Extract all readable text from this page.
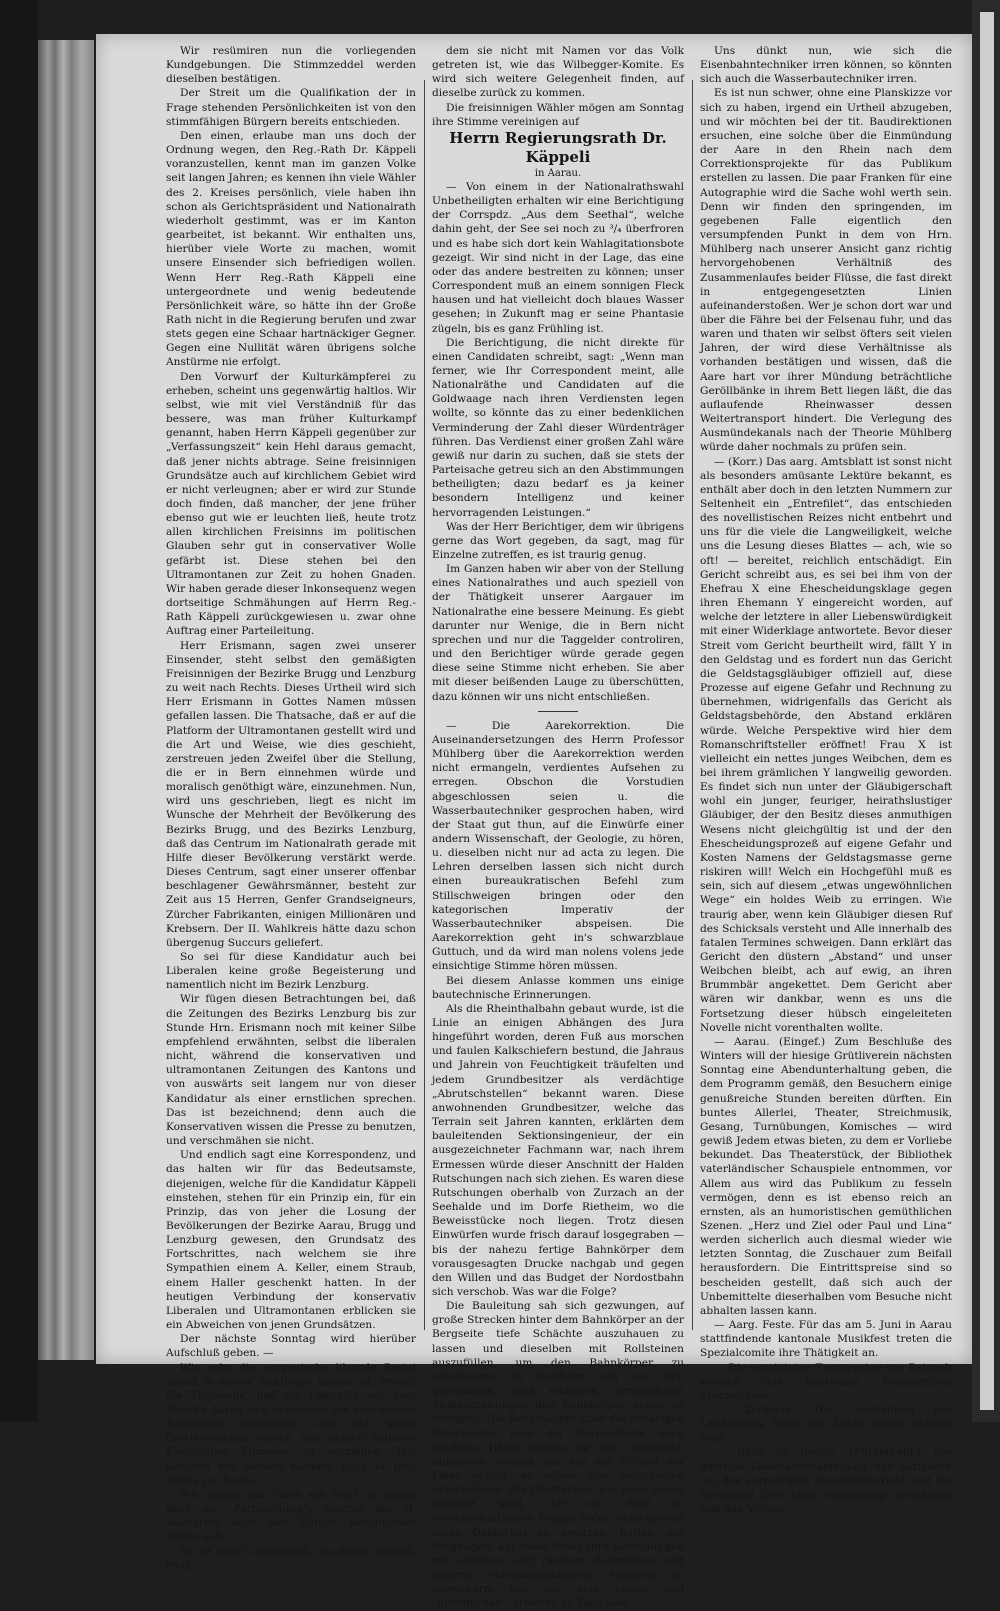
Wir resümiren nun die vorliegenden Kundgebungen. Die Stimmzeddel werden dieselben bestätigen.

Der Streit um die Qualifikation der in Frage stehenden Persönlichkeiten ist von den stimmfähigen Bürgern bereits entschieden.

Den einen, erlaube man uns doch der Ordnung wegen, den Reg.-Rath Dr. Käppeli voranzustellen, kennt man im ganzen Volke seit langen Jahren; es kennen ihn viele Wähler des 2. Kreises persönlich, viele haben ihn schon als Gerichtspräsident und Nationalrath wiederholt gestimmt, was er im Kanton gearbeitet, ist bekannt. Wir enthalten uns, hierüber viele Worte zu machen, womit unsere Einsender sich befriedigen wollen. Wenn Herr Reg.-Rath Käppeli eine untergeordnete und wenig bedeutende Persönlichkeit wäre, so hätte ihn der Große Rath nicht in die Regierung berufen und zwar stets gegen eine Schaar hartnäckiger Gegner. Gegen eine Nullität wären übrigens solche Anstürme nie erfolgt.

Den Vorwurf der Kulturkämpferei zu erheben, scheint uns gegenwärtig haltlos. Wir selbst, wie mit viel Verständniß für das bessere, was man früher Kulturkampf genannt, haben Herrn Käppeli gegenüber zur „Verfassungszeit“ kein Hehl daraus gemacht, daß jener nichts abtrage. Seine freisinnigen Grundsätze auch auf kirchlichem Gebiet wird er nicht verleugnen; aber er wird zur Stunde doch finden, daß mancher, der jene früher ebenso gut wie er leuchten ließ, heute trotz allen kirchlichen Freisinns im politischen Glauben sehr gut in conservativer Wolle gefärbt ist. Diese stehen bei den Ultramontanen zur Zeit zu hohen Gnaden. Wir haben gerade dieser Inkonsequenz wegen dortseitige Schmähungen auf Herrn Reg.-Rath Käppeli zurückgewiesen u. zwar ohne Auftrag einer Parteileitung.

Herr Erismann, sagen zwei unserer Einsender, steht selbst den gemäßigten Freisinnigen der Bezirke Brugg und Lenzburg zu weit nach Rechts. Dieses Urtheil wird sich Herr Erismann in Gottes Namen müssen gefallen lassen. Die Thatsache, daß er auf die Platform der Ultramontanen gestellt wird und die Art und Weise, wie dies geschieht, zerstreuen jeden Zweifel über die Stellung, die er in Bern einnehmen würde und moralisch genöthigt wäre, einzunehmen. Nun, wird uns geschrieben, liegt es nicht im Wunsche der Mehrheit der Bevölkerung des Bezirks Brugg, und des Bezirks Lenzburg, daß das Centrum im Nationalrath gerade mit Hilfe dieser Bevölkerung verstärkt werde. Dieses Centrum, sagt einer unserer offenbar beschlagener Gewährsmänner, besteht zur Zeit aus 15 Herren, Genfer Grandseigneurs, Zürcher Fabrikanten, einigen Millionären und Krebsern. Der II. Wahlkreis hätte dazu schon übergenug Succurs geliefert.

So sei für diese Kandidatur auch bei Liberalen keine große Begeisterung und namentlich nicht im Bezirk Lenzburg.

Wir fügen diesen Betrachtungen bei, daß die Zeitungen des Bezirks Lenzburg bis zur Stunde Hrn. Erismann noch mit keiner Silbe empfehlend erwähnten, selbst die liberalen nicht, während die konservativen und ultramontanen Zeitungen des Kantons und von auswärts seit langem nur von dieser Kandidatur als einer ernstlichen sprechen. Das ist bezeichnend; denn auch die Konservativen wissen die Presse zu benutzen, und verschmähen sie nicht.

Und endlich sagt eine Korrespondenz, und das halten wir für das Bedeutsamste, diejenigen, welche für die Kandidatur Käppeli einstehen, stehen für ein Prinzip ein, für ein Prinzip, das von jeher die Losung der Bevölkerungen der Bezirke Aarau, Brugg und Lenzburg gewesen, den Grundsatz des Fortschrittes, nach welchem sie ihre Sympathien einem A. Keller, einem Straub, einem Haller geschenkt hatten. In der heutigen Verbindung der konservativ Liberalen und Ultramontanen erblicken sie ein Abweichen von jenen Grundsätzen.

Der nächste Sonntag wird hierüber Aufschluß geben. —

Wie sehr die aargauische liberale Partei selbst in dieser Wahlfrage uneins ist, erhellt die Thatsache, daß ein Liberaler aus dem Bezirke Aarau sich persönlich um eine eigene Kandidatur interessirt, und sich keine Gewissensbisse macht, den beiden anderen Kandidaten Stimmen zu entziehen. Wir könnten den Namen nennen; doch er thut nichts zur Sache.

Wir hätten nun noch ein Wort zu sagen über die „Parteileitung“, welcher der II. Wahlkreis nach den Bünzer Beschlüssen folgen soll.

Es ist nicht unbekannt, wo diese residirt, trotz-

dem sie nicht mit Namen vor das Volk getreten ist, wie das Wilbegger-Komite. Es wird sich weitere Gelegenheit finden, auf dieselbe zurück zu kommen.

Die freisinnigen Wähler mögen am Sonntag ihre Stimme vereinigen auf

Herrn Regierungsrath Dr. Käppeli

in Aarau.

— Von einem in der Nationalrathswahl Unbetheiligten erhalten wir eine Berichtigung der Corrspdz. „Aus dem Seethal“, welche dahin geht, der See sei noch zu ³/₄ überfroren und es habe sich dort kein Wahlagitationsbote gezeigt. Wir sind nicht in der Lage, das eine oder das andere bestreiten zu können; unser Correspondent muß an einem sonnigen Fleck hausen und hat vielleicht doch blaues Wasser gesehen; in Zukunft mag er seine Phantasie zügeln, bis es ganz Frühling ist.

Die Berichtigung, die nicht direkte für einen Candidaten schreibt, sagt: „Wenn man ferner, wie Ihr Correspondent meint, alle Nationalräthe und Candidaten auf die Goldwaage nach ihren Verdiensten legen wollte, so könnte das zu einer bedenklichen Verminderung der Zahl dieser Würdenträger führen. Das Verdienst einer großen Zahl wäre gewiß nur darin zu suchen, daß sie stets der Parteisache getreu sich an den Abstimmungen betheiligten; dazu bedarf es ja keiner besondern Intelligenz und keiner hervorragenden Leistungen.“

Was der Herr Berichtiger, dem wir übrigens gerne das Wort gegeben, da sagt, mag für Einzelne zutreffen, es ist traurig genug.

Im Ganzen haben wir aber von der Stellung eines Nationalrathes und auch speziell von der Thätigkeit unserer Aargauer im Nationalrathe eine bessere Meinung. Es giebt darunter nur Wenige, die in Bern nicht sprechen und nur die Taggelder controliren, und den Berichtiger würde gerade gegen diese seine Stimme nicht erheben. Sie aber mit dieser beißenden Lauge zu überschütten, dazu können wir uns nicht entschließen.

— Die Aarekorrektion. Die Auseinandersetzungen des Herrn Professor Mühlberg über die Aarekorrektion werden nicht ermangeln, verdientes Aufsehen zu erregen. Obschon die Vorstudien abgeschlossen seien u. die Wasserbautechniker gesprochen haben, wird der Staat gut thun, auf die Einwürfe einer andern Wissenschaft, der Geologie, zu hören, u. dieselben nicht nur ad acta zu legen. Die Lehren derselben lassen sich nicht durch einen bureaukratischen Befehl zum Stillschweigen bringen oder den kategorischen Imperativ der Wasserbautechniker abspeisen. Die Aarekorrektion geht in's schwarzblaue Guttuch, und da wird man nolens volens jede einsichtige Stimme hören müssen.

Bei diesem Anlasse kommen uns einige bautechnische Erinnerungen.

Als die Rheinthalbahn gebaut wurde, ist die Linie an einigen Abhängen des Jura hingeführt worden, deren Fuß aus morschen und faulen Kalkschiefern bestund, die Jahraus und Jahrein von Feuchtigkeit träufelten und jedem Grundbesitzer als verdächtige „Abrutschstellen“ bekannt waren. Diese anwohnenden Grundbesitzer, welche das Terrain seit Jahren kannten, erklärten dem bauleitenden Sektionsingenieur, der ein ausgezeichneter Fachmann war, nach ihrem Ermessen würde dieser Anschnitt der Halden Rutschungen nach sich ziehen. Es waren diese Rutschungen oberhalb von Zurzach an der Seehalde und im Dorfe Rietheim, wo die Beweisstücke noch liegen. Trotz diesen Einwürfen wurde frisch darauf losgegraben — bis der nahezu fertige Bahnkörper dem vorausgesagten Drucke nachgab und gegen den Willen und das Budget der Nordostbahn sich verschob. Was war die Folge?

Die Bauleitung sah sich gezwungen, auf große Strecken hinter dem Bahnkörper an der Bergseite tiefe Schächte auszuhauen zu lassen und dieselben mit Rollsteinen auszufüllen, um den Bahnkörper zu entwässern. In Rietheim sah sie sich gezwungen, nach endlosen, vergeblichen Stollengrabungen den Bahnkörper etwas zu verlegen. Die Rechnungen über die daherigen Mehrkosten wird die Nordostbahn noch besitzen. Hätte damals die sich untrüglich dünkende Technik nur auf das Urtheil der Laien gehört, so wären jene Mehrkosten unterblieben. Die Dilettanten, wie jeder gerne genannt wird, der ein Wort in wissenschaftlichen Fragen redet, ohne gerade einen Doktorhut zu besitzen, hatten das Vergnügen, auf diese Weise ihre Sammlungen mit seltenen und riesigen Belemniten und anderm vorsündfluthlichem Material zu bereichern, das bei dem neuen und „gründlichen“ Arbeiten zu Tage kam.

Uns dünkt nun, wie sich die Eisenbahntechniker irren können, so könnten sich auch die Wasserbautechniker irren.

Es ist nun schwer, ohne eine Planskizze vor sich zu haben, irgend ein Urtheil abzugeben, und wir möchten bei der tit. Baudirektionen ersuchen, eine solche über die Einmündung der Aare in den Rhein nach dem Correktionsprojekte für das Publikum erstellen zu lassen. Die paar Franken für eine Autographie wird die Sache wohl werth sein. Denn wir finden den springenden, im gegebenen Falle eigentlich den versumpfenden Punkt in dem von Hrn. Mühlberg nach unserer Ansicht ganz richtig hervorgehobenen Verhältniß des Zusammenlaufes beider Flüsse, die fast direkt in entgegengesetzten Linien aufeinanderstoßen. Wer je schon dort war und über die Fähre bei der Felsenau fuhr, und das waren und thaten wir selbst öfters seit vielen Jahren, der wird diese Verhältnisse als vorhanden bestätigen und wissen, daß die Aare hart vor ihrer Mündung beträchtliche Geröllbänke in ihrem Bett liegen läßt, die das auflaufende Rheinwasser dessen Weitertransport hindert. Die Verlegung des Ausmündekanals nach der Theorie Mühlberg würde daher nochmals zu prüfen sein.

— (Korr.) Das aarg. Amtsblatt ist sonst nicht als besonders amüsante Lektüre bekannt, es enthält aber doch in den letzten Nummern zur Seltenheit ein „Entrefilet“, das entschieden des novellistischen Reizes nicht entbehrt und uns für die viele die Langweiligkeit, welche uns die Lesung dieses Blattes — ach, wie so oft! — bereitet, reichlich entschädigt. Ein Gericht schreibt aus, es sei bei ihm von der Ehefrau X eine Ehescheidungsklage gegen ihren Ehemann Y eingereicht worden, auf welche der letztere in aller Liebenswürdigkeit mit einer Widerklage antwortete. Bevor dieser Streit vom Gericht beurtheilt wird, fällt Y in den Geldstag und es fordert nun das Gericht die Geldstagsgläubiger offiziell auf, diese Prozesse auf eigene Gefahr und Rechnung zu übernehmen, widrigenfalls das Gericht als Geldstagsbehörde, den Abstand erklären würde. Welche Perspektive wird hier dem Romanschriftsteller eröffnet! Frau X ist vielleicht ein nettes junges Weibchen, dem es bei ihrem grämlichen Y langweilig geworden. Es findet sich nun unter der Gläubigerschaft wohl ein junger, feuriger, heirathslustiger Gläubiger, der den Besitz dieses anmuthigen Wesens nicht gleichgültig ist und der den Ehescheidungsprozeß auf eigene Gefahr und Kosten Namens der Geldstagsmasse gerne riskiren will! Welch ein Hochgefühl muß es sein, sich auf diesem „etwas ungewöhnlichen Wege“ ein holdes Weib zu erringen. Wie traurig aber, wenn kein Gläubiger diesen Ruf des Schicksals versteht und Alle innerhalb des fatalen Termines schweigen. Dann erklärt das Gericht den düstern „Abstand“ und unser Weibchen bleibt, ach auf ewig, an ihren Brummbär angekettet. Dem Gericht aber wären wir dankbar, wenn es uns die Fortsetzung dieser hübsch eingeleiteten Novelle nicht vorenthalten wollte.

— Aarau. (Eingef.) Zum Beschluße des Winters will der hiesige Grütliverein nächsten Sonntag eine Abendunterhaltung geben, die dem Programm gemäß, den Besuchern einige genußreiche Stunden bereiten dürften. Ein buntes Allerlei, Theater, Streichmusik, Gesang, Turnübungen, Komisches — wird gewiß Jedem etwas bieten, zu dem er Vorliebe bekundet. Das Theaterstück, der Bibliothek vaterländischer Schauspiele entnommen, vor Allem aus wird das Publikum zu fesseln vermögen, denn es ist ebenso reich an ernsten, als an humoristischen gemüthlichen Szenen. „Herz und Ziel oder Paul und Lina“ werden sicherlich auch diesmal wieder wie letzten Sonntag, die Zuschauer zum Beifall herausfordern. Die Eintrittspreise sind so bescheiden gestellt, daß sich auch der Unbemittelte dieserhalben vom Besuche nicht abhalten lassen kann.

— Aarg. Feste. Für das am 5. Juni in Aarau stattfindende kantonale Musikfest treten die Spezialcomite ihre Thätigkeit an.

— Die vereinigten Turnvereine von Reinach werden das kantonale Preisturnfest übernehmen.

— Zofingen. Die Ausziehung des Landsturms findet am Laufe dieses Monats statt.

— Bank in Baden. (Mitgetheilt.) Die gestrige Generalversammlung der Aktionäre hat den vorgelegten Geschäftsbericht und die Rechnung pro 1886 einstimmig genehmigt und den Verwal-
